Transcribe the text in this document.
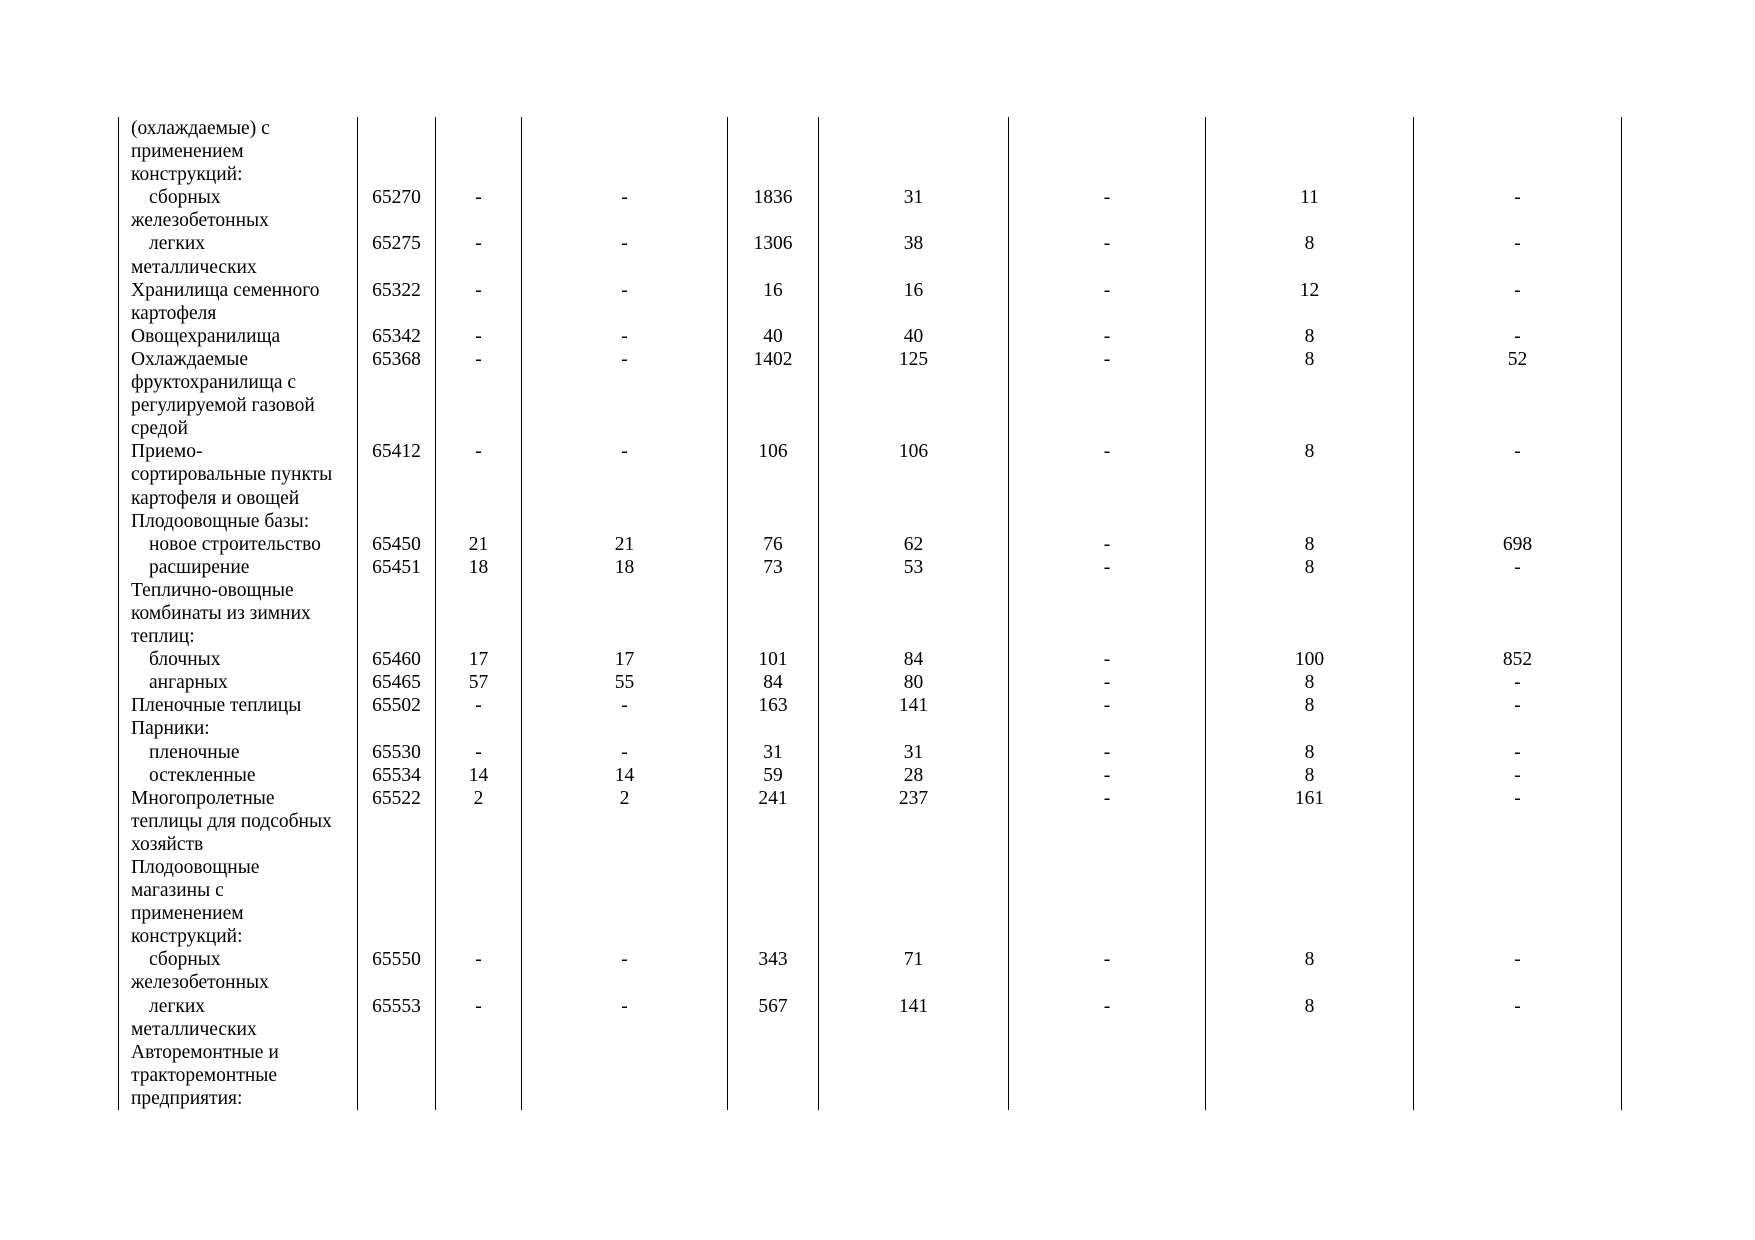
(охлаждаемые) с								
применением								
конструкций:								
сборных	65270	-	-	1836	31	-	11	-
железобетонных								
легких	65275	-	-	1306	38	-	8	-
металлических								
Хранилища семенного	65322	-	-	16	16	-	12	-
картофеля								
Овощехранилища	65342	-	-	40	40	-	8	-
Охлаждаемые	65368	-	-	1402	125	-	8	52
фруктохранилища с								
регулируемой газовой								
средой								
Приемо-	65412	-	-	106	106	-	8	-
сортировальные пункты								
картофеля и овощей								
Плодоовощные базы:								
новое строительство	65450	21	21	76	62	-	8	698
расширение	65451	18	18	73	53	-	8	-
Теплично-овощные								
комбинаты из зимних								
теплиц:								
блочных	65460	17	17	101	84	-	100	852
ангарных	65465	57	55	84	80	-	8	-
Пленочные теплицы	65502	-	-	163	141	-	8	-
Парники:								
пленочные	65530	-	-	31	31	-	8	-
остекленные	65534	14	14	59	28	-	8	-
Многопролетные	65522	2	2	241	237	-	161	-
теплицы для подсобных								
хозяйств								
Плодоовощные								
магазины с								
применением								
конструкций:								
сборных	65550	-	-	343	71	-	8	-
железобетонных								
легких	65553	-	-	567	141	-	8	-
металлических								
Авторемонтные и								
тракторемонтные								
предприятия:								
